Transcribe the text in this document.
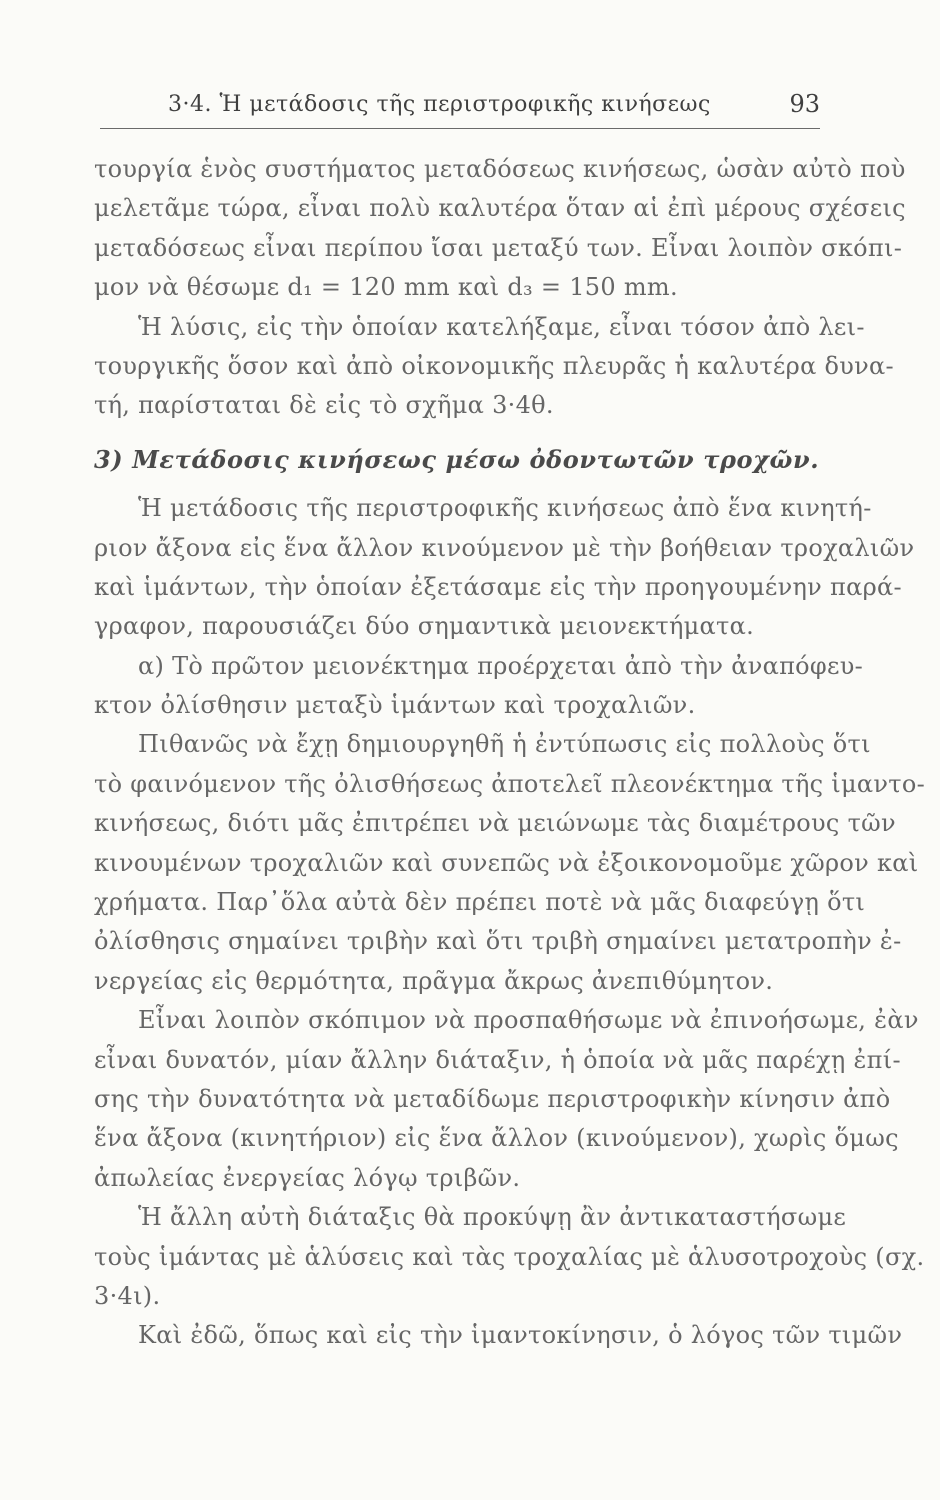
3·4. Ἡ μετάδοσις τῆς περιστροφικῆς κινήσεως	93
τουργία ἑνὸς συστήματος μεταδόσεως κινήσεως, ὡσὰν αὐτὸ ποὺ
μελετᾶμε τώρα, εἶναι πολὺ καλυτέρα ὅταν αἱ ἐπὶ μέρους σχέσεις
μεταδόσεως εἶναι περίπου ἴσαι μεταξύ των. Εἶναι λοιπὸν σκόπι-
μον νὰ θέσωμε d₁ = 120 mm καὶ d₃ = 150 mm.
Ἡ λύσις, εἰς τὴν ὁποίαν κατελήξαμε, εἶναι τόσον ἀπὸ λει-
τουργικῆς ὅσον καὶ ἀπὸ οἰκονομικῆς πλευρᾶς ἡ καλυτέρα δυνα-
τή, παρίσταται δὲ εἰς τὸ σχῆμα 3·4θ.
3) Μετάδοσις κινήσεως μέσω ὀδοντωτῶν τροχῶν.
Ἡ μετάδοσις τῆς περιστροφικῆς κινήσεως ἀπὸ ἕνα κινητή-
ριον ἄξονα εἰς ἕνα ἄλλον κινούμενον μὲ τὴν βοήθειαν τροχαλιῶν
καὶ ἱμάντων, τὴν ὁποίαν ἐξετάσαμε εἰς τὴν προηγουμένην παρά-
γραφον, παρουσιάζει δύο σημαντικὰ μειονεκτήματα.
α) Τὸ πρῶτον μειονέκτημα προέρχεται ἀπὸ τὴν ἀναπόφευ-
κτον ὀλίσθησιν μεταξὺ ἱμάντων καὶ τροχαλιῶν.
Πιθανῶς νὰ ἔχῃ δημιουργηθῆ ἡ ἐντύπωσις εἰς πολλοὺς ὅτι
τὸ φαινόμενον τῆς ὀλισθήσεως ἀποτελεῖ πλεονέκτημα τῆς ἱμαντο-
κινήσεως, διότι μᾶς ἐπιτρέπει νὰ μειώνωμε τὰς διαμέτρους τῶν
κινουμένων τροχαλιῶν καὶ συνεπῶς νὰ ἐξοικονομοῦμε χῶρον καὶ
χρήματα. Παρ᾽ὅλα αὐτὰ δὲν πρέπει ποτὲ νὰ μᾶς διαφεύγῃ ὅτι
ὀλίσθησις σημαίνει τριβὴν καὶ ὅτι τριβὴ σημαίνει μετατροπὴν ἐ-
νεργείας εἰς θερμότητα, πρᾶγμα ἄκρως ἀνεπιθύμητον.
Εἶναι λοιπὸν σκόπιμον νὰ προσπαθήσωμε νὰ ἐπινοήσωμε, ἐὰν
εἶναι δυνατόν, μίαν ἄλλην διάταξιν, ἡ ὁποία νὰ μᾶς παρέχῃ ἐπί-
σης τὴν δυνατότητα νὰ μεταδίδωμε περιστροφικὴν κίνησιν ἀπὸ
ἕνα ἄξονα (κινητήριον) εἰς ἕνα ἄλλον (κινούμενον), χωρὶς ὅμως
ἀπωλείας ἐνεργείας λόγῳ τριβῶν.
Ἡ ἄλλη αὐτὴ διάταξις θὰ προκύψῃ ἂν ἀντικαταστήσωμε
τοὺς ἱμάντας μὲ ἁλύσεις καὶ τὰς τροχαλίας μὲ ἁλυσοτροχοὺς (σχ.
3·4ι).
Καὶ ἐδῶ, ὅπως καὶ εἰς τὴν ἱμαντοκίνησιν, ὁ λόγος τῶν τιμῶν
